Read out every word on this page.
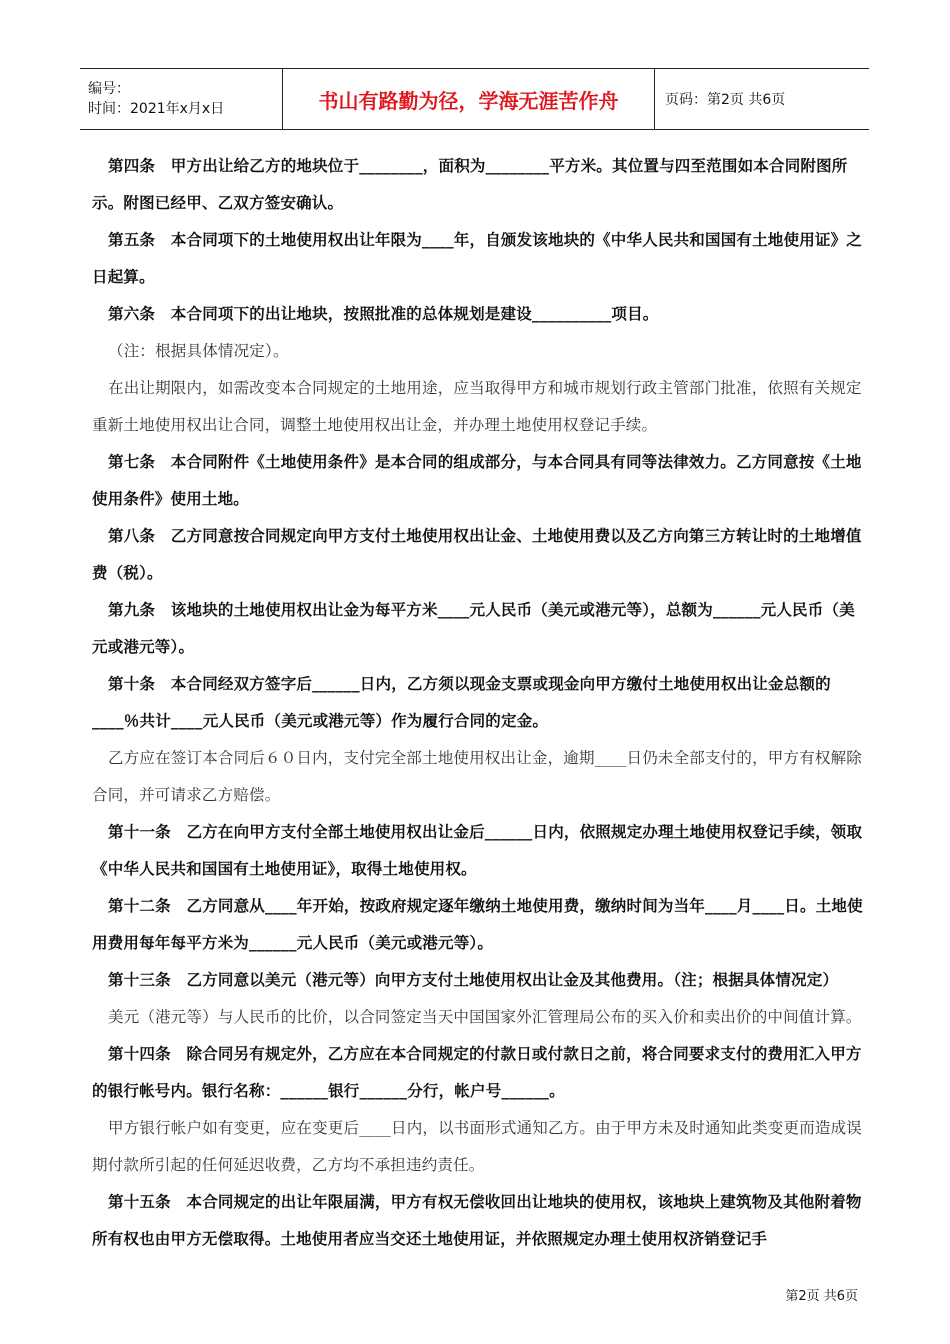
编号：
时间：2021年x月x日	书山有路勤为径，学海无涯苦作舟	页码：第2页 共6页

第四条　甲方出让给乙方的地块位于________，面积为________平方米。其位置与四至范围如本合同附图所示。附图已经甲、乙双方签安确认。

第五条　本合同项下的土地使用权出让年限为____年，自颁发该地块的《中华人民共和国国有土地使用证》之日起算。

第六条　本合同项下的出让地块，按照批准的总体规划是建设__________项目。

（注：根据具体情况定）。

在出让期限内，如需改变本合同规定的土地用途，应当取得甲方和城市规划行政主管部门批准，依照有关规定重新土地使用权出让合同，调整土地使用权出让金，并办理土地使用权登记手续。

第七条　本合同附件《土地使用条件》是本合同的组成部分，与本合同具有同等法律效力。乙方同意按《土地使用条件》使用土地。

第八条　乙方同意按合同规定向甲方支付土地使用权出让金、土地使用费以及乙方向第三方转让时的土地增值费（税）。

第九条　该地块的土地使用权出让金为每平方米____元人民币（美元或港元等），总额为______元人民币（美元或港元等）。

第十条　本合同经双方签字后______日内，乙方须以现金支票或现金向甲方缴付土地使用权出让金总额的____％共计____元人民币（美元或港元等）作为履行合同的定金。

乙方应在签订本合同后６０日内，支付完全部土地使用权出让金，逾期____日仍未全部支付的，甲方有权解除合同，并可请求乙方赔偿。

第十一条　乙方在向甲方支付全部土地使用权出让金后______日内，依照规定办理土地使用权登记手续，领取《中华人民共和国国有土地使用证》，取得土地使用权。

第十二条　乙方同意从____年开始，按政府规定逐年缴纳土地使用费，缴纳时间为当年____月____日。土地使用费用每年每平方米为______元人民币（美元或港元等）。

第十三条　乙方同意以美元（港元等）向甲方支付土地使用权出让金及其他费用。（注；根据具体情况定）

美元（港元等）与人民币的比价，以合同签定当天中国国家外汇管理局公布的买入价和卖出价的中间值计算。

第十四条　除合同另有规定外，乙方应在本合同规定的付款日或付款日之前，将合同要求支付的费用汇入甲方的银行帐号内。银行名称：______银行______分行，帐户号______。

甲方银行帐户如有变更，应在变更后____日内，以书面形式通知乙方。由于甲方未及时通知此类变更而造成误期付款所引起的任何延迟收费，乙方均不承担违约责任。

第十五条　本合同规定的出让年限届满，甲方有权无偿收回出让地块的使用权，该地块上建筑物及其他附着物所有权也由甲方无偿取得。土地使用者应当交还土地使用证，并依照规定办理土使用权济销登记手

第2页 共6页
